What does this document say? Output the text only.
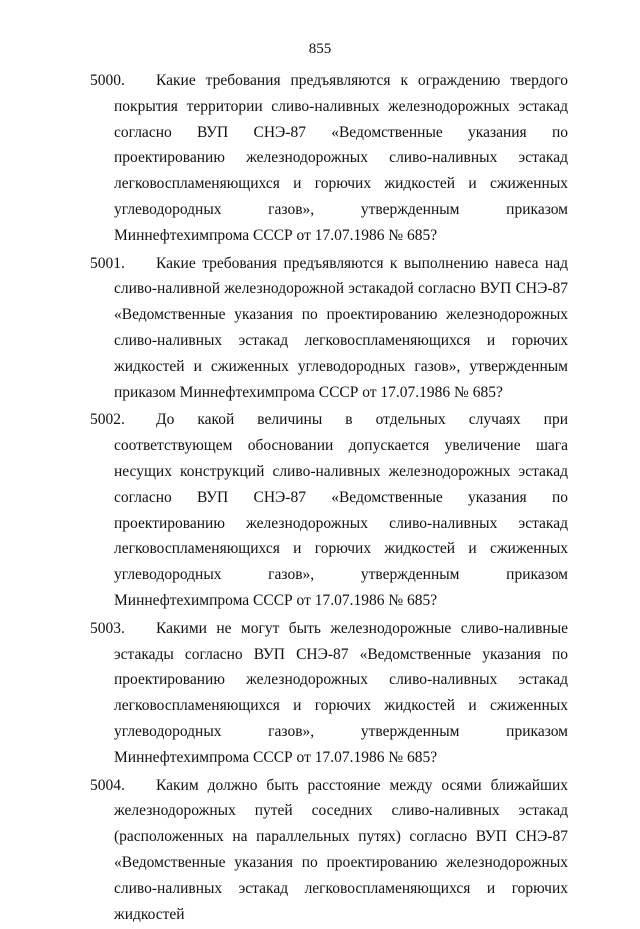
855
5000.	Какие требования предъявляются к ограждению твердого покрытия территории сливо-наливных железнодорожных эстакад согласно ВУП СНЭ-87 «Ведомственные указания по проектированию железнодорожных сливо-наливных эстакад легковоспламеняющихся и горючих жидкостей и сжиженных углеводородных газов», утвержденным приказом Миннефтехимпрома СССР от 17.07.1986 № 685?
5001.	Какие требования предъявляются к выполнению навеса над сливо-наливной железнодорожной эстакадой согласно ВУП СНЭ-87 «Ведомственные указания по проектированию железнодорожных сливо-наливных эстакад легковоспламеняющихся и горючих жидкостей и сжиженных углеводородных газов», утвержденным приказом Миннефтехимпрома СССР от 17.07.1986 № 685?
5002.	До какой величины в отдельных случаях при соответствующем обосновании допускается увеличение шага несущих конструкций сливо-наливных железнодорожных эстакад согласно ВУП СНЭ-87 «Ведомственные указания по проектированию железнодорожных сливо-наливных эстакад легковоспламеняющихся и горючих жидкостей и сжиженных углеводородных газов», утвержденным приказом Миннефтехимпрома СССР от 17.07.1986 № 685?
5003.	Какими не могут быть железнодорожные сливо-наливные эстакады согласно ВУП СНЭ-87 «Ведомственные указания по проектированию железнодорожных сливо-наливных эстакад легковоспламеняющихся и горючих жидкостей и сжиженных углеводородных газов», утвержденным приказом Миннефтехимпрома СССР от 17.07.1986 № 685?
5004.	Каким должно быть расстояние между осями ближайших железнодорожных путей соседних сливо-наливных эстакад (расположенных на параллельных путях) согласно ВУП СНЭ-87 «Ведомственные указания по проектированию железнодорожных сливо-наливных эстакад легковоспламеняющихся и горючих жидкостей
